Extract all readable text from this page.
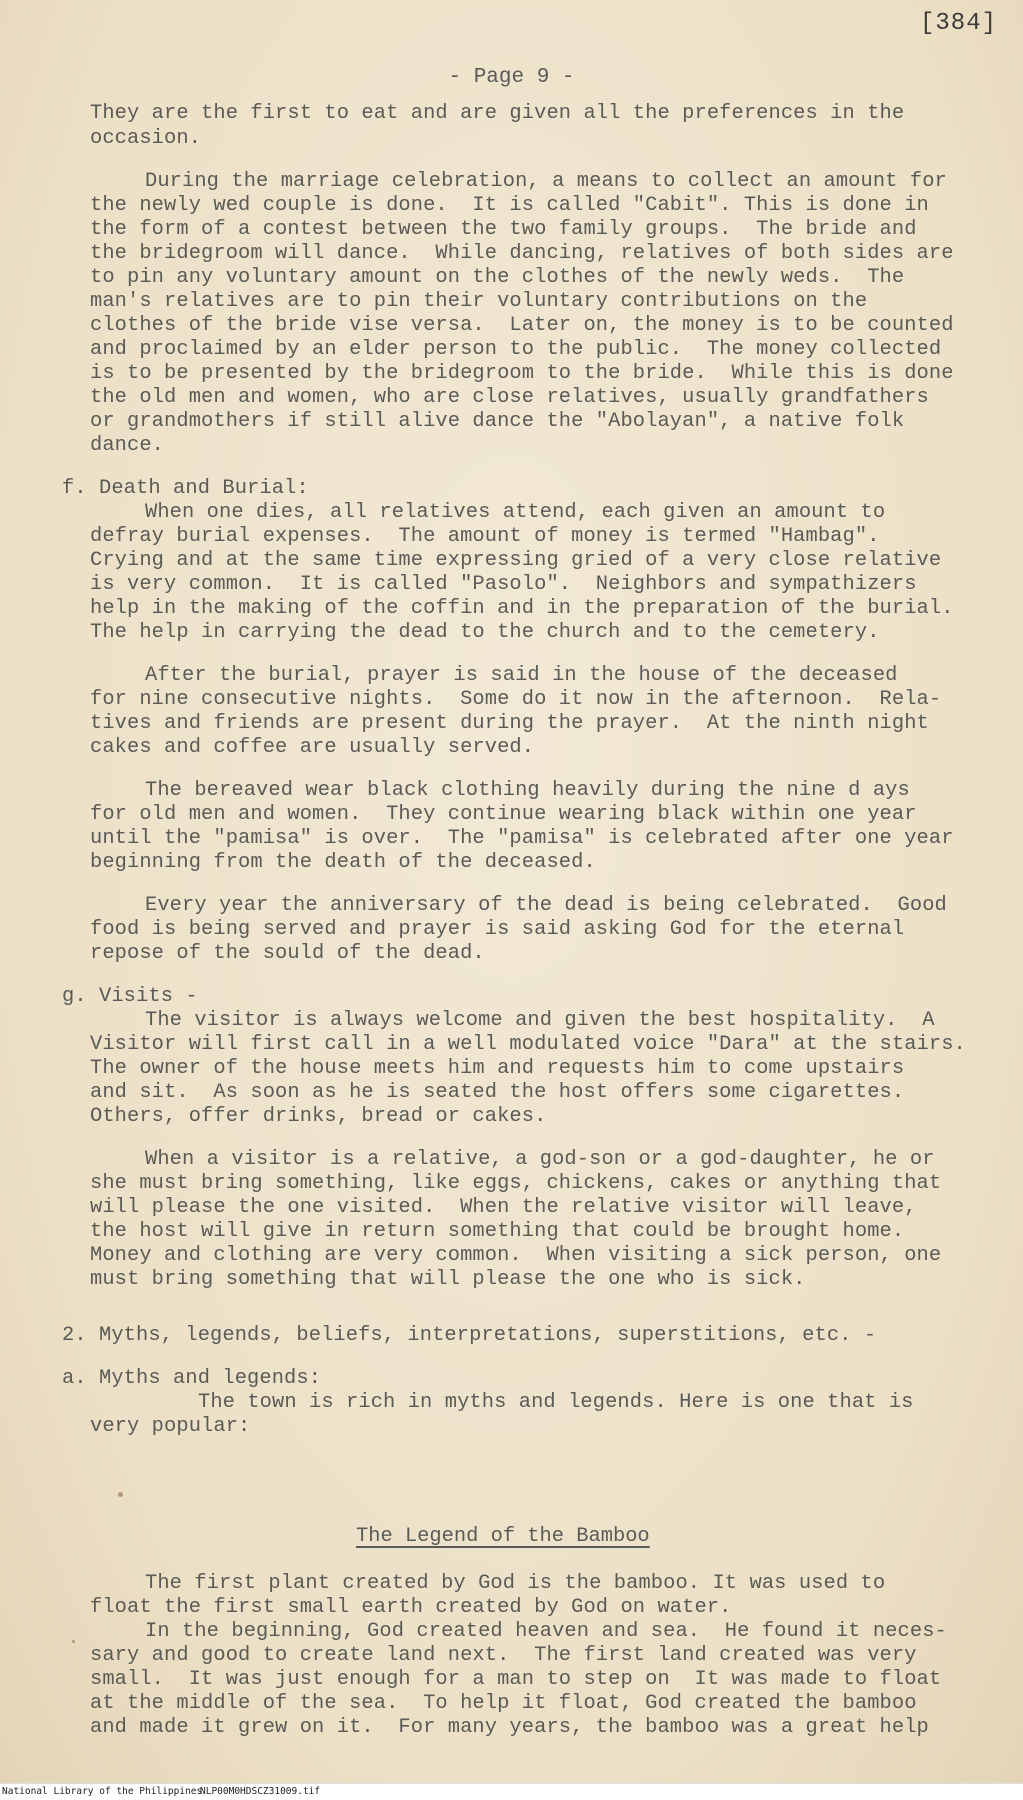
[384]
- Page 9 -
They are the first to eat and are given all the preferences in the
occasion.
During the marriage celebration, a means to collect an amount for
the newly wed couple is done.  It is called "Cabit". This is done in
the form of a contest between the two family groups.  The bride and
the bridegroom will dance.  While dancing, relatives of both sides are
to pin any voluntary amount on the clothes of the newly weds.  The
man's relatives are to pin their voluntary contributions on the
clothes of the bride vise versa.  Later on, the money is to be counted
and proclaimed by an elder person to the public.  The money collected
is to be presented by the bridegroom to the bride.  While this is done
the old men and women, who are close relatives, usually grandfathers
or grandmothers if still alive dance the "Abolayan", a native folk
dance.
f. Death and Burial:
When one dies, all relatives attend, each given an amount to
defray burial expenses.  The amount of money is termed "Hambag".
Crying and at the same time expressing gried of a very close relative
is very common.  It is called "Pasolo".  Neighbors and sympathizers
help in the making of the coffin and in the preparation of the burial.
The help in carrying the dead to the church and to the cemetery.
After the burial, prayer is said in the house of the deceased
for nine consecutive nights.  Some do it now in the afternoon.  Rela-
tives and friends are present during the prayer.  At the ninth night
cakes and coffee are usually served.
The bereaved wear black clothing heavily during the nine d ays
for old men and women.  They continue wearing black within one year
until the "pamisa" is over.  The "pamisa" is celebrated after one year
beginning from the death of the deceased.
Every year the anniversary of the dead is being celebrated.  Good
food is being served and prayer is said asking God for the eternal
repose of the sould of the dead.
g. Visits -
The visitor is always welcome and given the best hospitality.  A
Visitor will first call in a well modulated voice "Dara" at the stairs.
The owner of the house meets him and requests him to come upstairs
and sit.  As soon as he is seated the host offers some cigarettes.
Others, offer drinks, bread or cakes.
When a visitor is a relative, a god-son or a god-daughter, he or
she must bring something, like eggs, chickens, cakes or anything that
will please the one visited.  When the relative visitor will leave,
the host will give in return something that could be brought home.
Money and clothing are very common.  When visiting a sick person, one
must bring something that will please the one who is sick.
2. Myths, legends, beliefs, interpretations, superstitions, etc. -
a. Myths and legends:
The town is rich in myths and legends. Here is one that is
very popular:
The Legend of the Bamboo
The first plant created by God is the bamboo. It was used to
float the first small earth created by God on water.
In the beginning, God created heaven and sea.  He found it neces-
sary and good to create land next.  The first land created was very
small.  It was just enough for a man to step on  It was made to float
at the middle of the sea.  To help it float, God created the bamboo
and made it grew on it.  For many years, the bamboo was a great help
National Library of the Philippines
NLP00M0HDSCZ31009.tif
